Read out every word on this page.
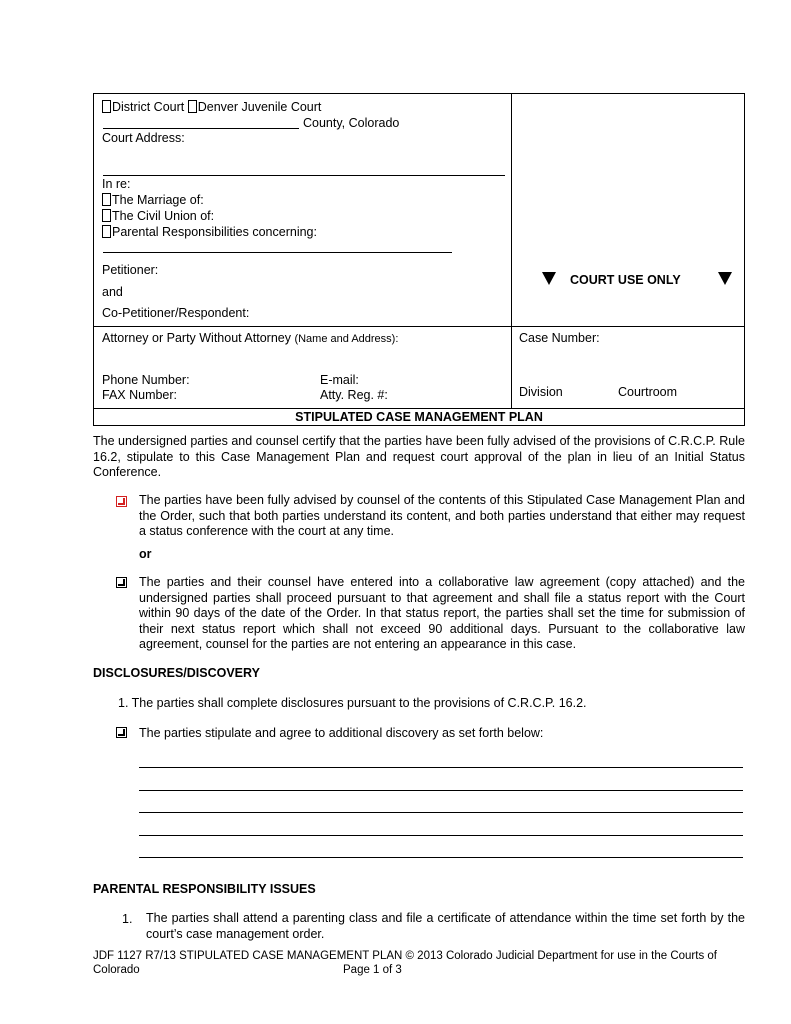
District Court Denver Juvenile Court
County, Colorado
Court Address:
In re:
The Marriage of:
The Civil Union of:
Parental Responsibilities concerning:
Petitioner:
and
Co-Petitioner/Respondent:
COURT USE ONLY
Attorney or Party Without Attorney (Name and Address):
Phone Number:
FAX Number:
E-mail:
Atty. Reg. #:
Case Number:
Division	Courtroom
STIPULATED CASE MANAGEMENT PLAN
The undersigned parties and counsel certify that the parties have been fully advised of the provisions of C.R.C.P. Rule 16.2, stipulate to this Case Management Plan and request court approval of the plan in lieu of an Initial Status Conference.
The parties have been fully advised by counsel of the contents of this Stipulated Case Management Plan and the Order, such that both parties understand its content, and both parties understand that either may request a status conference with the court at any time.
or
The parties and their counsel have entered into a collaborative law agreement (copy attached) and the undersigned parties shall proceed pursuant to that agreement and shall file a status report with the Court within 90 days of the date of the Order. In that status report, the parties shall set the time for submission of their next status report which shall not exceed 90 additional days. Pursuant to the collaborative law agreement, counsel for the parties are not entering an appearance in this case.
DISCLOSURES/DISCOVERY
1. The parties shall complete disclosures pursuant to the provisions of C.R.C.P. 16.2.
The parties stipulate and agree to additional discovery as set forth below:
PARENTAL RESPONSIBILITY ISSUES
1. The parties shall attend a parenting class and file a certificate of attendance within the time set forth by the court’s case management order.
JDF 1127 R7/13 STIPULATED CASE MANAGEMENT PLAN © 2013 Colorado Judicial Department for use in the Courts of
Colorado	Page 1 of 3
